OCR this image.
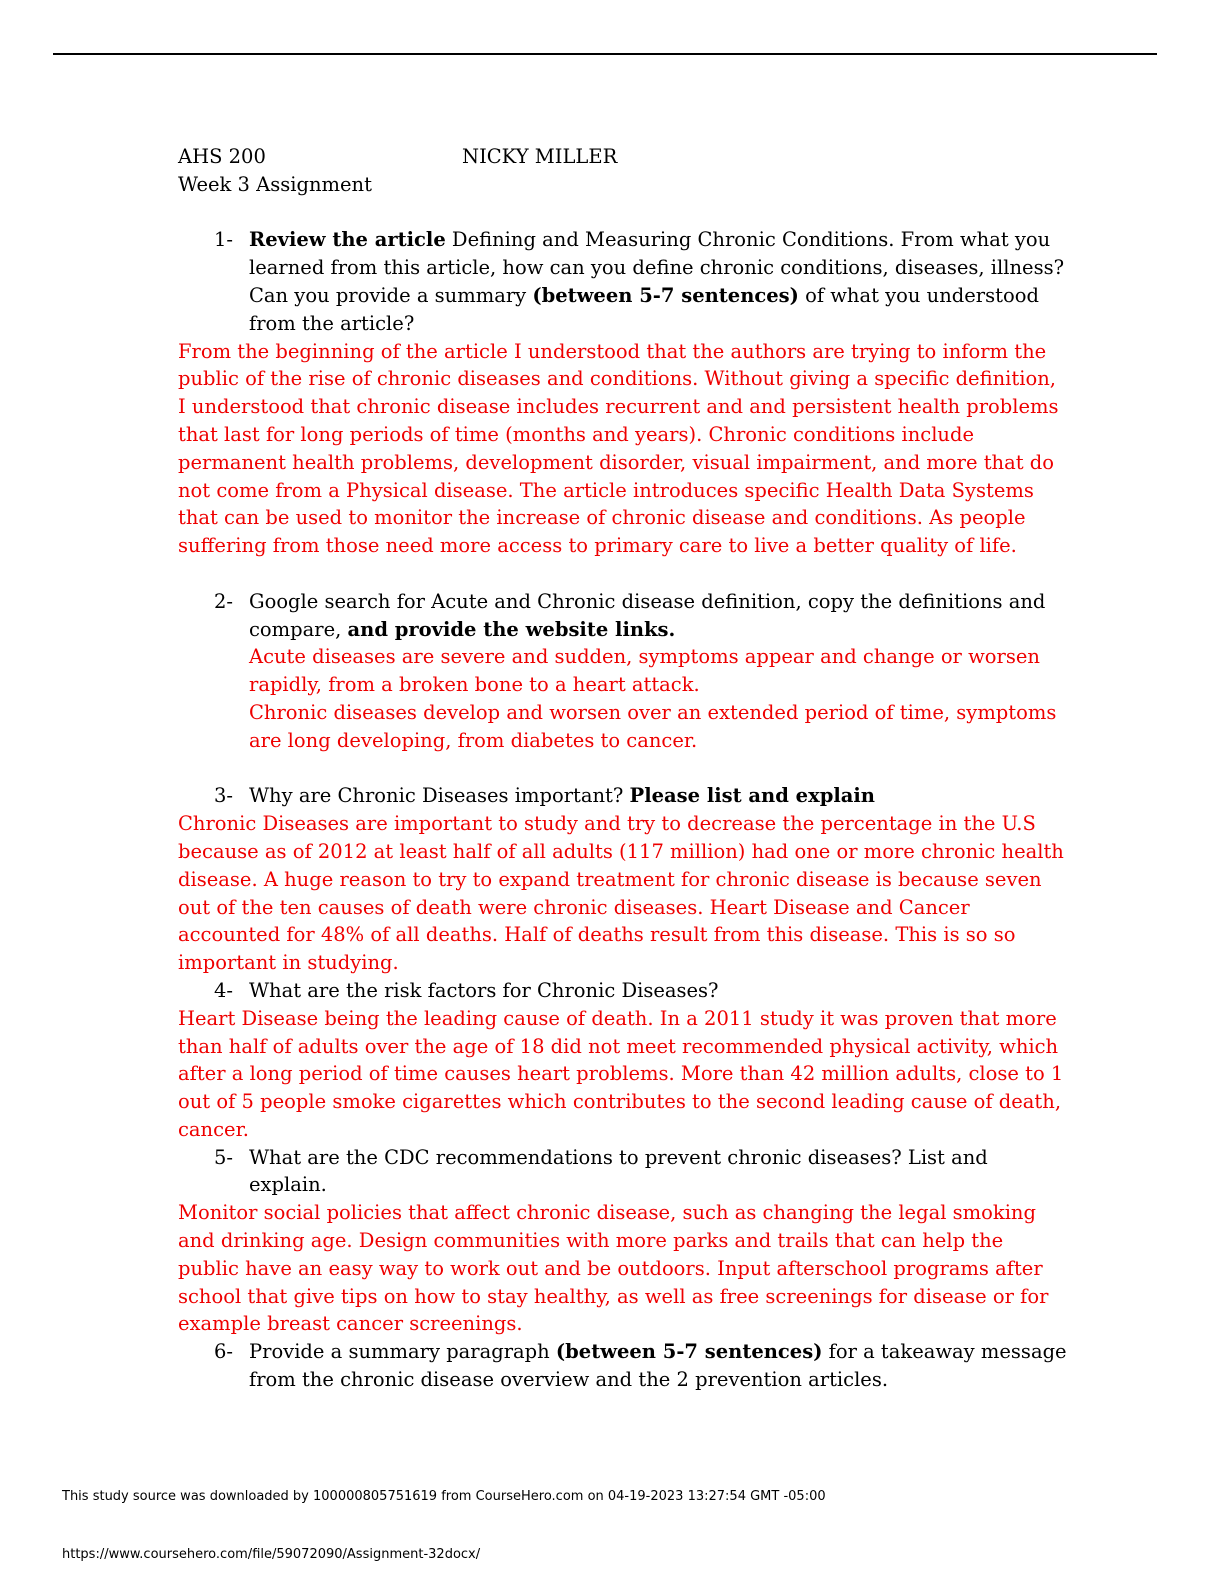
AHS 200	NICKY MILLER
Week 3 Assignment
1- Review the article Defining and Measuring Chronic Conditions. From what you learned from this article, how can you define chronic conditions, diseases, illness? Can you provide a summary (between 5-7 sentences) of what you understood from the article?
From the beginning of the article I understood that the authors are trying to inform the public of the rise of chronic diseases and conditions. Without giving a specific definition, I understood that chronic disease includes recurrent and and persistent health problems that last for long periods of time (months and years). Chronic conditions include permanent health problems, development disorder, visual impairment, and more that do not come from a Physical disease. The article introduces specific Health Data Systems that can be used to monitor the increase of chronic disease and conditions. As people suffering from those need more access to primary care to live a better quality of life.
2- Google search for Acute and Chronic disease definition, copy the definitions and compare, and provide the website links.
Acute diseases are severe and sudden, symptoms appear and change or worsen rapidly, from a broken bone to a heart attack.
Chronic diseases develop and worsen over an extended period of time, symptoms are long developing, from diabetes to cancer.
3- Why are Chronic Diseases important? Please list and explain
Chronic Diseases are important to study and try to decrease the percentage in the U.S because as of 2012 at least half of all adults (117 million) had one or more chronic health disease. A huge reason to try to expand treatment for chronic disease is because seven out of the ten causes of death were chronic diseases. Heart Disease and Cancer accounted for 48% of all deaths. Half of deaths result from this disease. This is so so important in studying.
4- What are the risk factors for Chronic Diseases?
Heart Disease being the leading cause of death. In a 2011 study it was proven that more than half of adults over the age of 18 did not meet recommended physical activity, which after a long period of time causes heart problems. More than 42 million adults, close to 1 out of 5 people smoke cigarettes which contributes to the second leading cause of death, cancer.
5- What are the CDC recommendations to prevent chronic diseases? List and explain.
Monitor social policies that affect chronic disease, such as changing the legal smoking and drinking age. Design communities with more parks and trails that can help the public have an easy way to work out and be outdoors. Input afterschool programs after school that give tips on how to stay healthy, as well as free screenings for disease or for example breast cancer screenings.
6- Provide a summary paragraph (between 5-7 sentences) for a takeaway message from the chronic disease overview and the 2 prevention articles.
This study source was downloaded by 100000805751619 from CourseHero.com on 04-19-2023 13:27:54 GMT -05:00
https://www.coursehero.com/file/59072090/Assignment-32docx/
